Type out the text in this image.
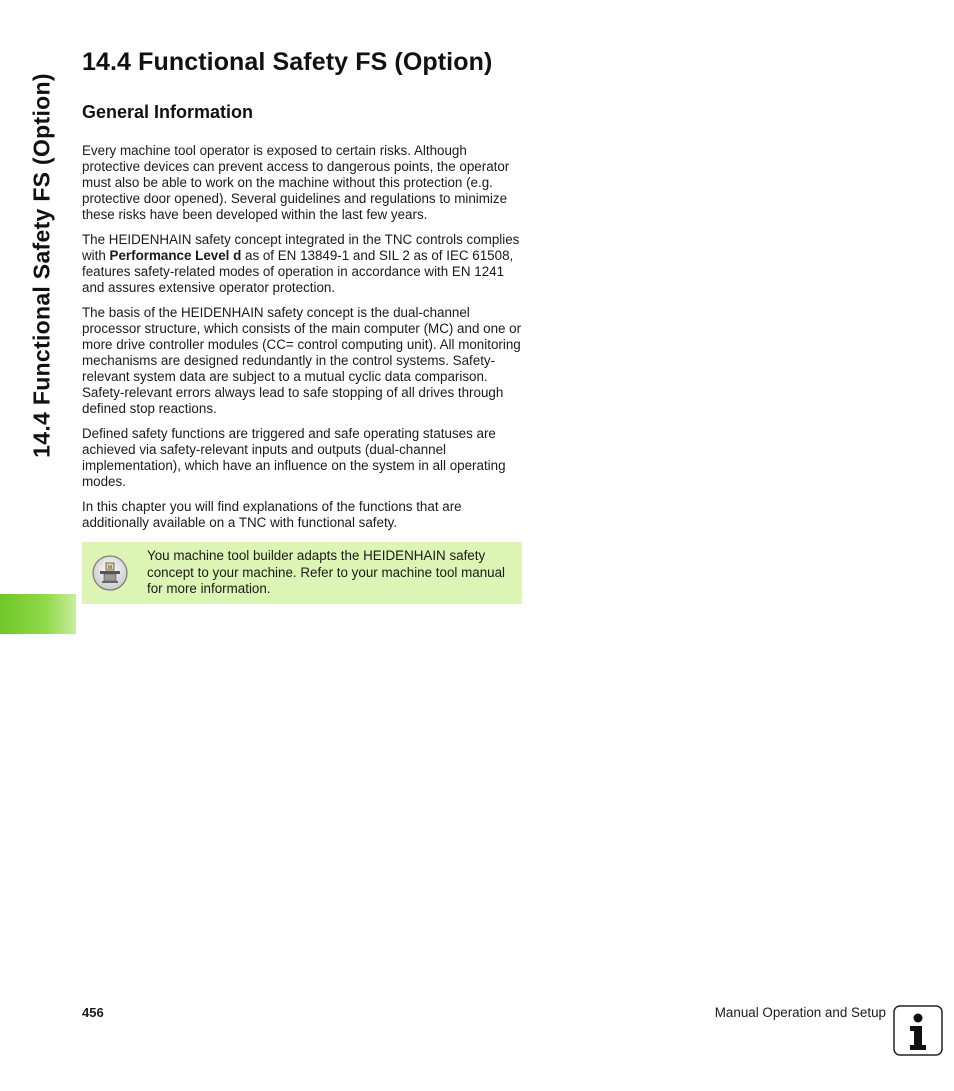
14.4 Functional Safety FS (Option)
14.4 Functional Safety FS (Option)
General Information

Every machine tool operator is exposed to certain risks. Although protective devices can prevent access to dangerous points, the operator must also be able to work on the machine without this protection (e.g. protective door opened). Several guidelines and regulations to minimize these risks have been developed within the last few years.

The HEIDENHAIN safety concept integrated in the TNC controls complies with Performance Level d as of EN 13849-1 and SIL 2 as of IEC 61508, features safety-related modes of operation in accordance with EN 1241 and assures extensive operator protection.

The basis of the HEIDENHAIN safety concept is the dual-channel processor structure, which consists of the main computer (MC) and one or more drive controller modules (CC= control computing unit). All monitoring mechanisms are designed redundantly in the control systems. Safety-relevant system data are subject to a mutual cyclic data comparison. Safety-relevant errors always lead to safe stopping of all drives through defined stop reactions.

Defined safety functions are triggered and safe operating statuses are achieved via safety-relevant inputs and outputs (dual-channel implementation), which have an influence on the system in all operating modes.

In this chapter you will find explanations of the functions that are additionally available on a TNC with functional safety.

M
You machine tool builder adapts the HEIDENHAIN safety concept to your machine. Refer to your machine tool manual for more information.
456	Manual Operation and Setup
